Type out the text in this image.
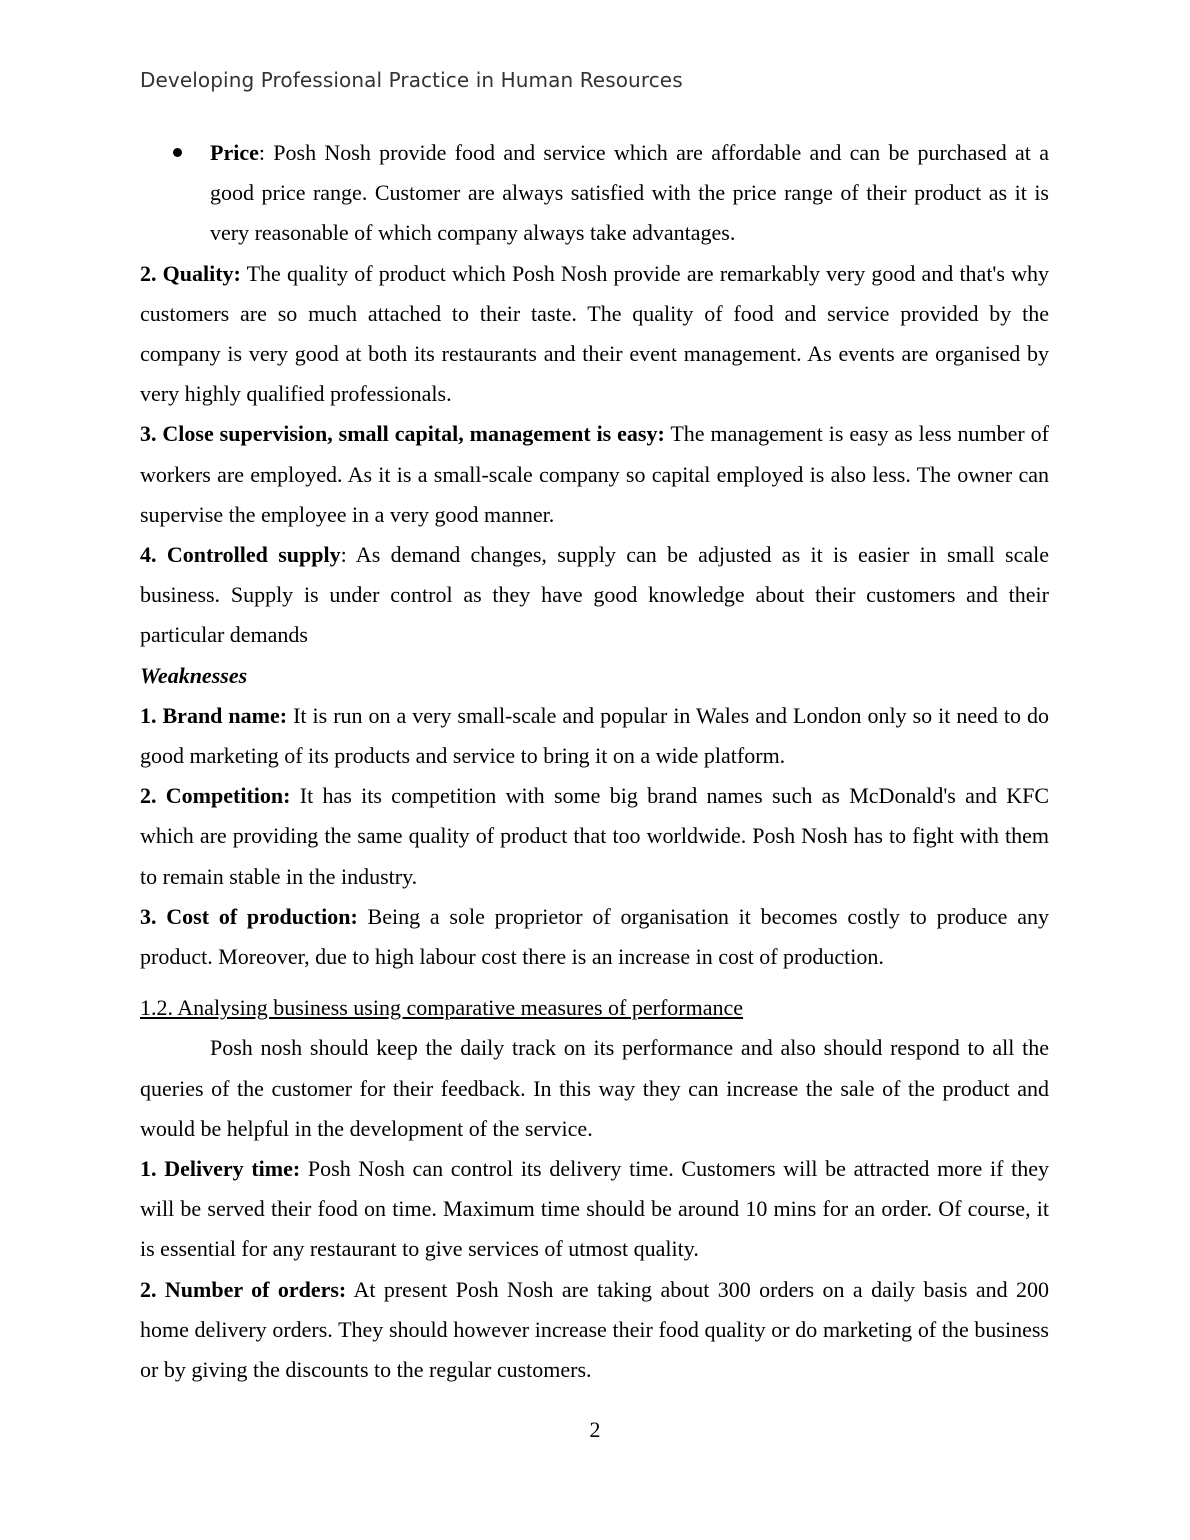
Developing Professional Practice in Human Resources

Price: Posh Nosh provide food and service which are affordable and can be purchased at a good price range. Customer are always satisfied with the price range of their product as it is very reasonable of which company always take advantages.

2. Quality: The quality of product which Posh Nosh provide are remarkably very good and that's why customers are so much attached to their taste. The quality of food and service provided by the company is very good at both its restaurants and their event management. As events are organised by very highly qualified professionals.

3. Close supervision, small capital, management is easy: The management is easy as less number of workers are employed. As it is a small-scale company so capital employed is also less. The owner can supervise the employee in a very good manner.

4. Controlled supply: As demand changes, supply can be adjusted as it is easier in small scale business. Supply is under control as they have good knowledge about their customers and their particular demands

Weaknesses

1. Brand name: It is run on a very small-scale and popular in Wales and London only so it need to do good marketing of its products and service to bring it on a wide platform.

2. Competition: It has its competition with some big brand names such as McDonald's and KFC which are providing the same quality of product that too worldwide. Posh Nosh has to fight with them to remain stable in the industry.

3. Cost of production: Being a sole proprietor of organisation it becomes costly to produce any product. Moreover, due to high labour cost there is an increase in cost of production.

1.2. Analysing business using comparative measures of performance

Posh nosh should keep the daily track on its performance and also should respond to all the queries of the customer for their feedback. In this way they can increase the sale of the product and would be helpful in the development of the service.

1. Delivery time: Posh Nosh can control its delivery time. Customers will be attracted more if they will be served their food on time. Maximum time should be around 10 mins for an order. Of course, it is essential for any restaurant to give services of utmost quality.

2. Number of orders: At present Posh Nosh are taking about 300 orders on a daily basis and 200 home delivery orders. They should however increase their food quality or do marketing of the business or by giving the discounts to the regular customers.

2
